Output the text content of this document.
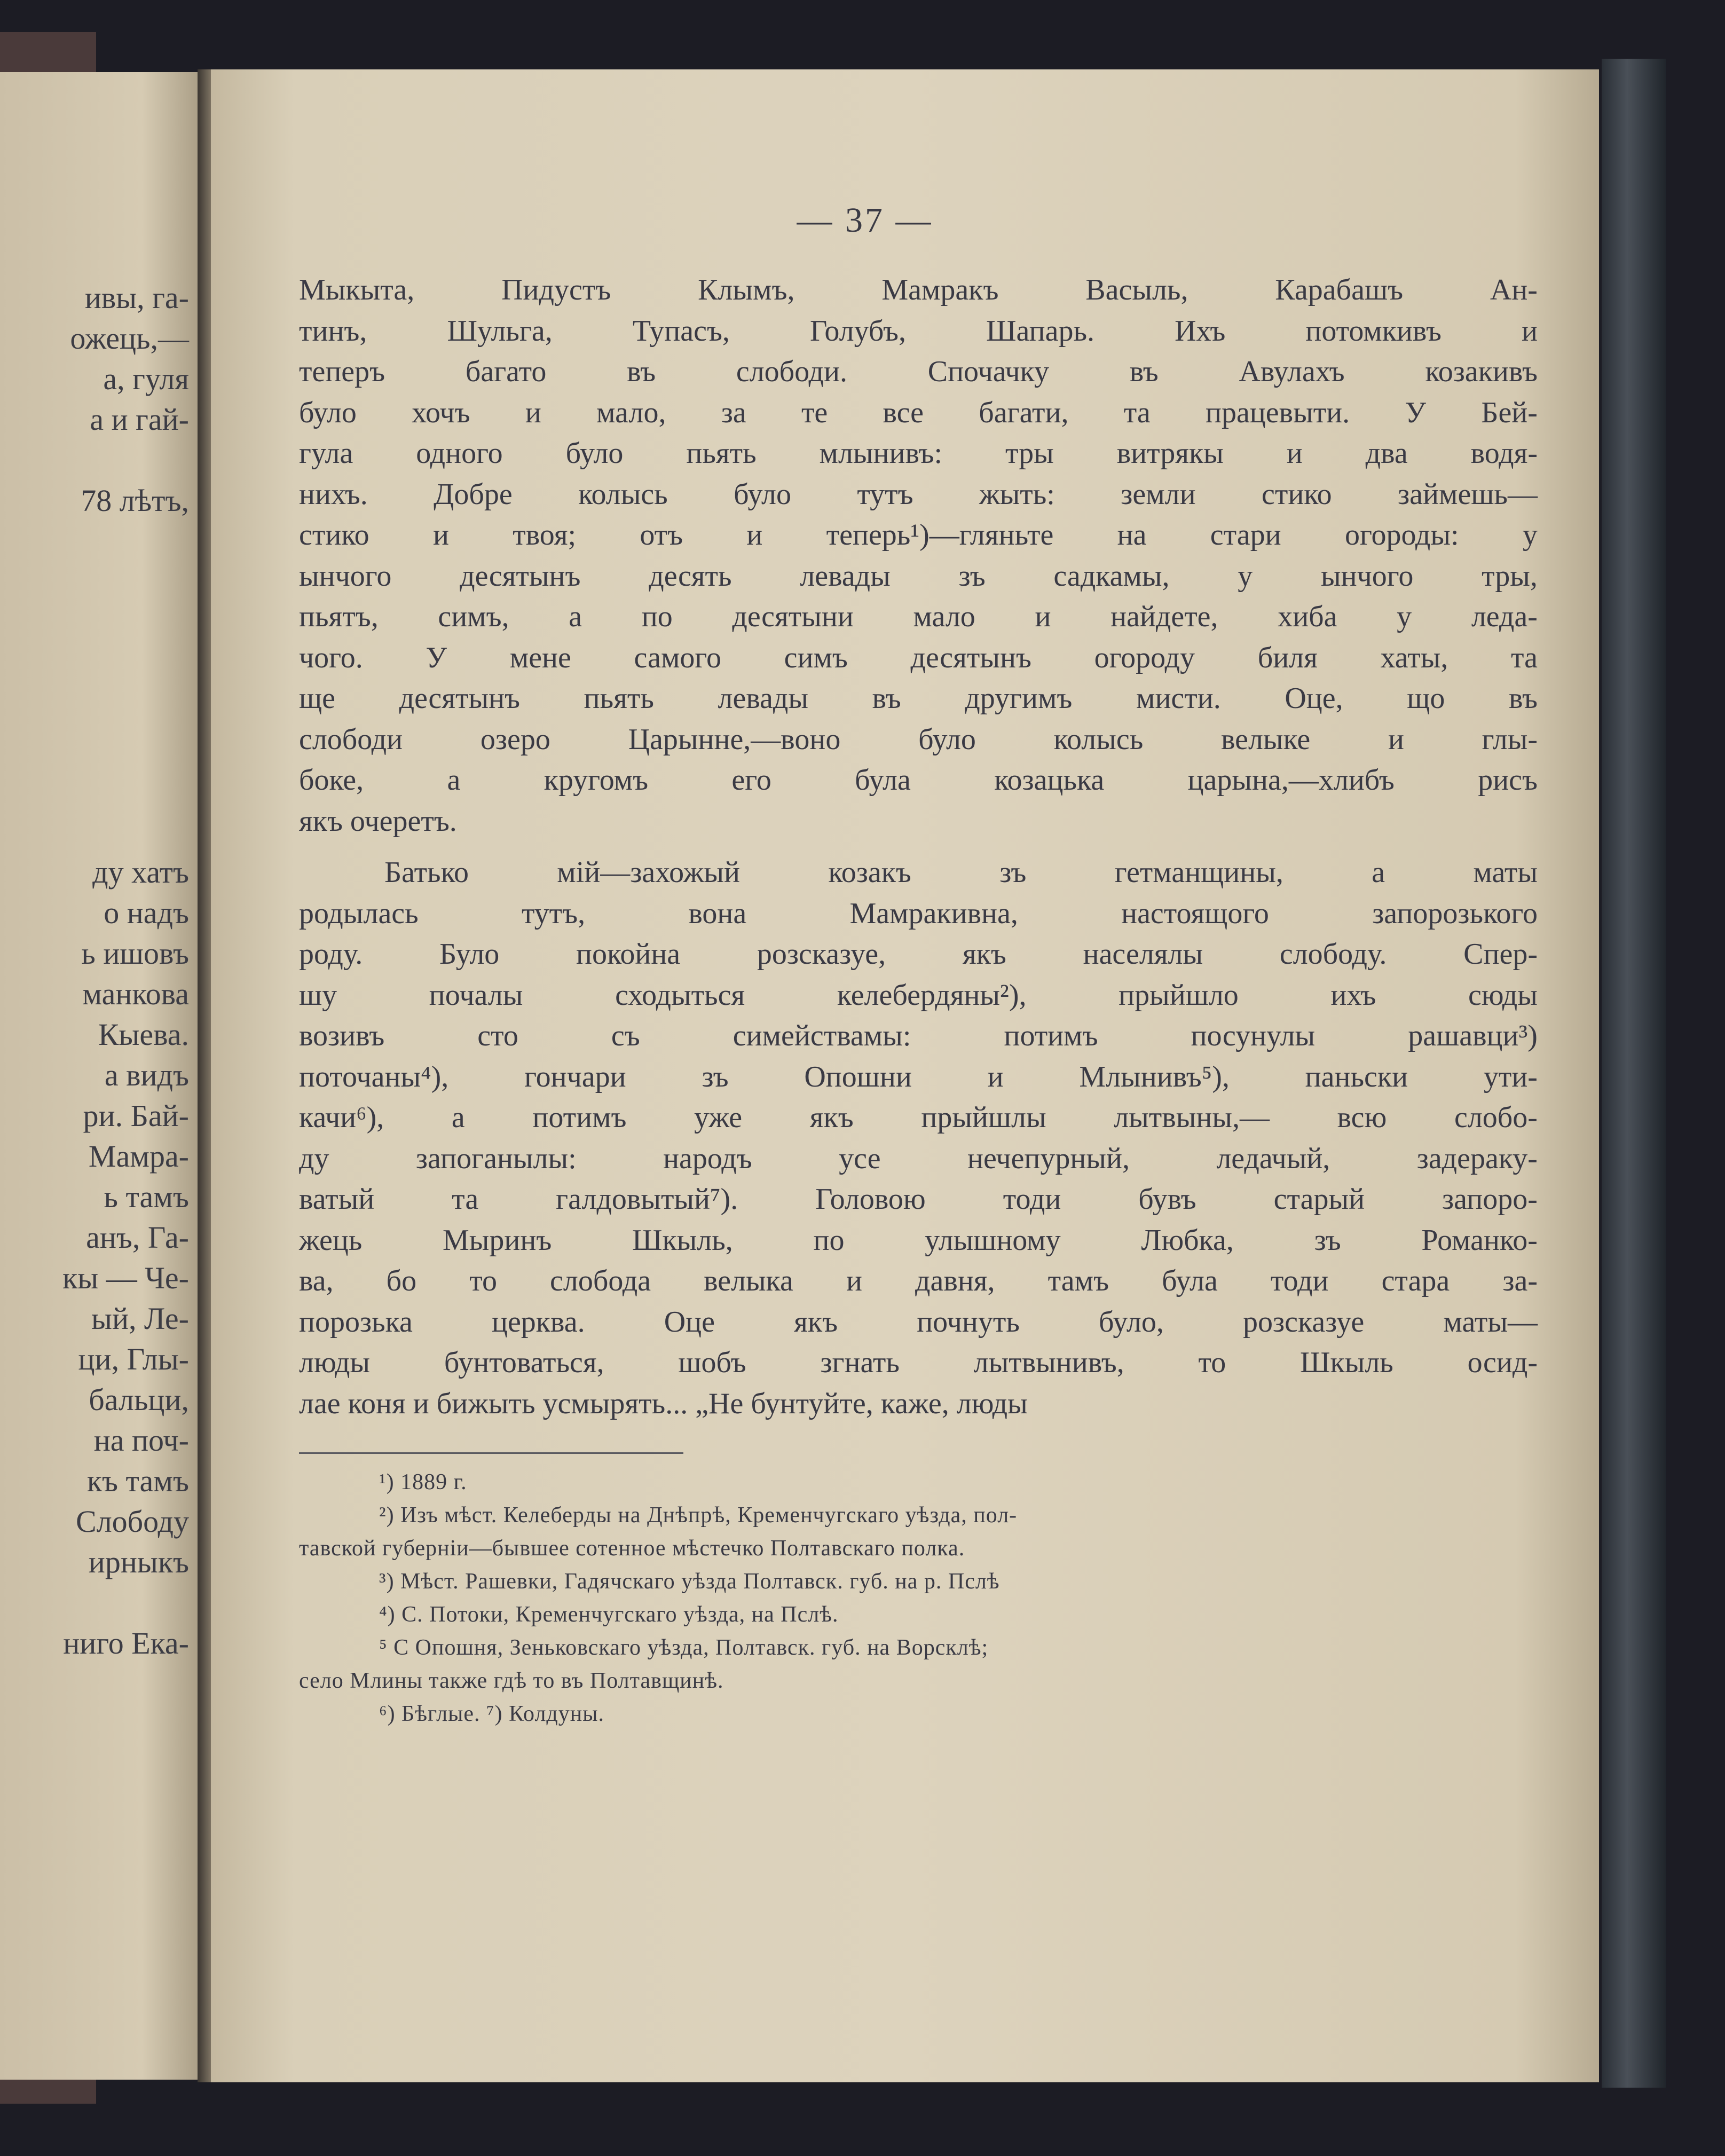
ивы, га-
ожець,—
а, гуля
а и гай-
78 лѣтъ,
ду хатъ
о надъ
ь ишовъ
манкова
Кыева.
а видъ
ри. Бай-
Мамра-
ь тамъ
анъ, Га-
кы — Че-
ый, Ле-
ци, Глы-
бальци,
на поч-
къ тамъ
Слободу
ирныкъ
ниго Ека-
— 37 —
Мыкыта,	Пидустъ	Клымъ,	Мамракъ	Васыль,	Карабашъ	Ан-
тинъ,	Шульга,	Тупасъ,	Голубъ,	Шапарь.	Ихъ	потомкивъ	и
теперъ	багато	въ	слободи.	Спочачку	въ	Авулахъ	козакивъ
було хочъ и мало, за те все багати, та працевыти. У Бей-
гула одного було пьять млынивъ: тры витрякы и два водя-
нихъ. Добре колысь було тутъ жыть: земли стико займешь—
стико и твоя; отъ и теперь¹)—гляньте на стари огороды: у
ынчого десятынъ десять левады зъ садкамы, у ынчого тры,
пьятъ, симъ, а по десятыни мало и найдете, хиба у леда-
чого. У мене самого симъ десятынъ огороду биля хаты, та
ще десятынъ пьять левады въ другимъ мисти. Оце, що въ
слободи	озеро	Царынне,—воно	було	колысь	велыке	и	глы-
боке,	а	кругомъ	его	була	козацька	царына,—хлибъ	рисъ
якъ очеретъ.
Батько	мій—захожый	козакъ	зъ	гетманщины,	а	маты
родылась	тутъ,	вона	Мамракивна,	настоящого	запорозького
роду.	Було	покойна	розсказуе,	якъ	населялы	слободу.	Спер-
шу	почалы	сходыться	келебердяны²),	прыйшло	ихъ	сюды
возивъ	сто	съ	симействамы:	потимъ	посунулы	рашавци³)
поточаны⁴),	гончари	зъ	Опошни	и	Млынивъ⁵),	паньски	ути-
качи⁶), а потимъ уже якъ прыйшлы лытвыны,— всю слобо-
ду	запоганылы:	народъ	усе	нечепурный,	ледачый,	задераку-
ватый	та	галдовытый⁷).	Головою	тоди	бувъ	старый	запоро-
жець	Мыринъ	Шкыль,	по	улышному	Любка,	зъ	Романко-
ва, бо то слобода велыка и давня, тамъ була тоди стара за-
порозька	церква.	Оце	якъ	почнуть	було,	розсказуе	маты—
люды бунтоваться, шобъ згнать лытвынивъ, то Шкыль осид-
лае коня и бижыть усмырять... „Не бунтуйте, каже, люды
¹) 1889 г.
²) Изъ мѣст. Келеберды на Днѣпрѣ, Кременчугскаго уѣзда, пол-
тавской губерніи—бывшее сотенное мѣстечко Полтавскаго полка.
³) Мѣст. Рашевки, Гадячскаго уѣзда Полтавск. губ. на р. Пслѣ
⁴) С. Потоки, Кременчугскаго уѣзда, на Пслѣ.
⁵ С Опошня, Зеньковскаго уѣзда, Полтавск. губ. на Ворсклѣ;
село Млины также гдѣ то въ Полтавщинѣ.
⁶) Бѣглые. ⁷) Колдуны.
